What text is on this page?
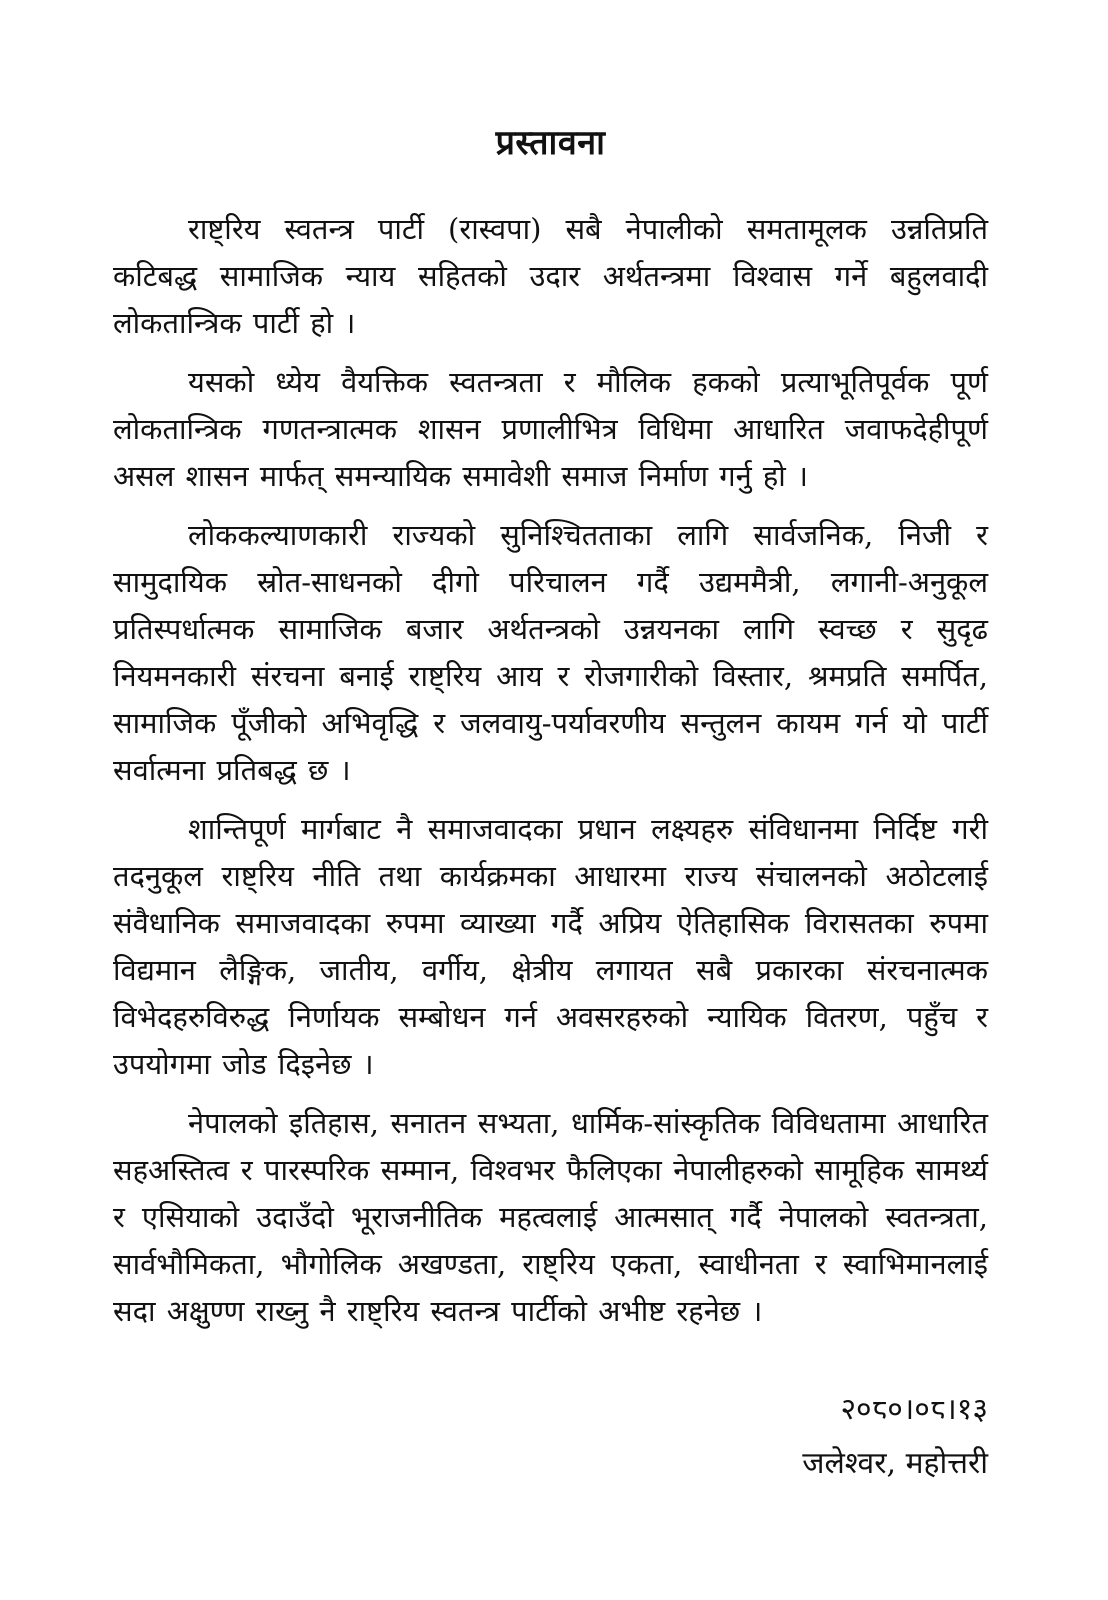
प्रस्तावना

राष्ट्रिय स्वतन्त्र पार्टी (रास्वपा) सबै नेपालीको समतामूलक उन्नतिप्रति कटिबद्ध सामाजिक न्याय सहितको उदार अर्थतन्त्रमा विश्वास गर्ने बहुलवादी लोकतान्त्रिक पार्टी हो ।

यसको ध्येय वैयक्तिक स्वतन्त्रता र मौलिक हकको प्रत्याभूतिपूर्वक पूर्ण लोकतान्त्रिक गणतन्त्रात्मक शासन प्रणालीभित्र विधिमा आधारित जवाफदेहीपूर्ण असल शासन मार्फत् समन्यायिक समावेशी समाज निर्माण गर्नु हो ।

लोककल्याणकारी राज्यको सुनिश्चितताका लागि सार्वजनिक, निजी र सामुदायिक स्रोत-साधनको दीगो परिचालन गर्दै उद्यममैत्री, लगानी-अनुकूल प्रतिस्पर्धात्मक सामाजिक बजार अर्थतन्त्रको उन्नयनका लागि स्वच्छ र सुदृढ नियमनकारी संरचना बनाई राष्ट्रिय आय र रोजगारीको विस्तार, श्रमप्रति समर्पित, सामाजिक पूँजीको अभिवृद्धि र जलवायु-पर्यावरणीय सन्तुलन कायम गर्न यो पार्टी सर्वात्मना प्रतिबद्ध छ ।

शान्तिपूर्ण मार्गबाट नै समाजवादका प्रधान लक्ष्यहरु संविधानमा निर्दिष्ट गरी तदनुकूल राष्ट्रिय नीति तथा कार्यक्रमका आधारमा राज्य संचालनको अठोटलाई संवैधानिक समाजवादका रुपमा व्याख्या गर्दै अप्रिय ऐतिहासिक विरासतका रुपमा विद्यमान लैङ्गिक, जातीय, वर्गीय, क्षेत्रीय लगायत सबै प्रकारका संरचनात्मक विभेदहरुविरुद्ध निर्णायक सम्बोधन गर्न अवसरहरुको न्यायिक वितरण, पहुँच र उपयोगमा जोड दिइनेछ ।

नेपालको इतिहास, सनातन सभ्यता, धार्मिक-सांस्कृतिक विविधतामा आधारित सहअस्तित्व र पारस्परिक सम्मान, विश्वभर फैलिएका नेपालीहरुको सामूहिक सामर्थ्य र एसियाको उदाउँदो भूराजनीतिक महत्वलाई आत्मसात् गर्दै नेपालको स्वतन्त्रता, सार्वभौमिकता, भौगोलिक अखण्डता, राष्ट्रिय एकता, स्वाधीनता र स्वाभिमानलाई सदा अक्षुण्ण राख्नु नै राष्ट्रिय स्वतन्त्र पार्टीको अभीष्ट रहनेछ ।

२०८०।०८।१३
जलेश्वर, महोत्तरी
